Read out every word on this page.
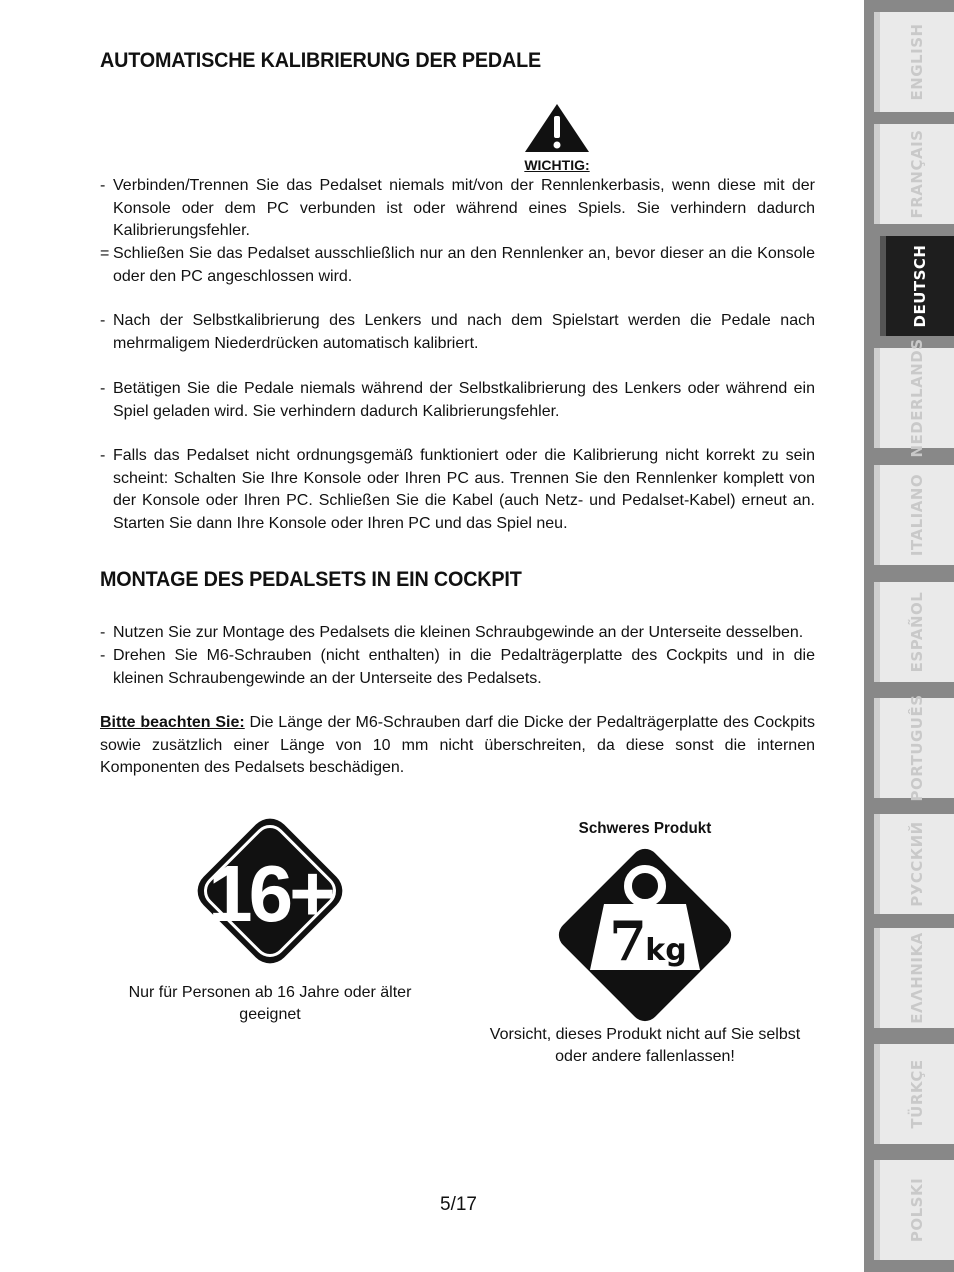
AUTOMATISCHE KALIBRIERUNG DER PEDALE
WICHTIG:
- Verbinden/Trennen Sie das Pedalset niemals mit/von der Rennlenkerbasis, wenn diese mit der Konsole oder dem PC verbunden ist oder während eines Spiels. Sie verhindern dadurch Kalibrierungsfehler.
= Schließen Sie das Pedalset ausschließlich nur an den Rennlenker an, bevor dieser an die Konsole oder den PC angeschlossen wird.
- Nach der Selbstkalibrierung des Lenkers und nach dem Spielstart werden die Pedale nach mehrmaligem Niederdrücken automatisch kalibriert.
- Betätigen Sie die Pedale niemals während der Selbstkalibrierung des Lenkers oder während ein Spiel geladen wird. Sie verhindern dadurch Kalibrierungsfehler.
- Falls das Pedalset nicht ordnungsgemäß funktioniert oder die Kalibrierung nicht korrekt zu sein scheint: Schalten Sie Ihre Konsole oder Ihren PC aus. Trennen Sie den Rennlenker komplett von der Konsole oder Ihren PC. Schließen Sie die Kabel (auch Netz- und Pedalset-Kabel) erneut an. Starten Sie dann Ihre Konsole oder Ihren PC und das Spiel neu.
MONTAGE DES PEDALSETS IN EIN COCKPIT
- Nutzen Sie zur Montage des Pedalsets die kleinen Schraubgewinde an der Unterseite desselben.
- Drehen Sie M6-Schrauben (nicht enthalten) in die Pedalträgerplatte des Cockpits und in die kleinen Schraubengewinde an der Unterseite des Pedalsets.
Bitte beachten Sie: Die Länge der M6-Schrauben darf die Dicke der Pedalträgerplatte des Cockpits sowie zusätzlich einer Länge von 10 mm nicht überschreiten, da diese sonst die internen Komponenten des Pedalsets beschädigen.
16+
Nur für Personen ab 16 Jahre oder älter
geeignet
Schweres Produkt
7
kg
Vorsicht, dieses Produkt nicht auf Sie selbst
oder andere fallenlassen!
5/17
ENGLISH
FRANÇAIS
DEUTSCH
NEDERLANDS
ITALIANO
ESPAÑOL
PORTUGUÊS
РУССКИЙ
ΕΛΛΗΝΙΚΑ
TÜRKÇE
POLSKI
